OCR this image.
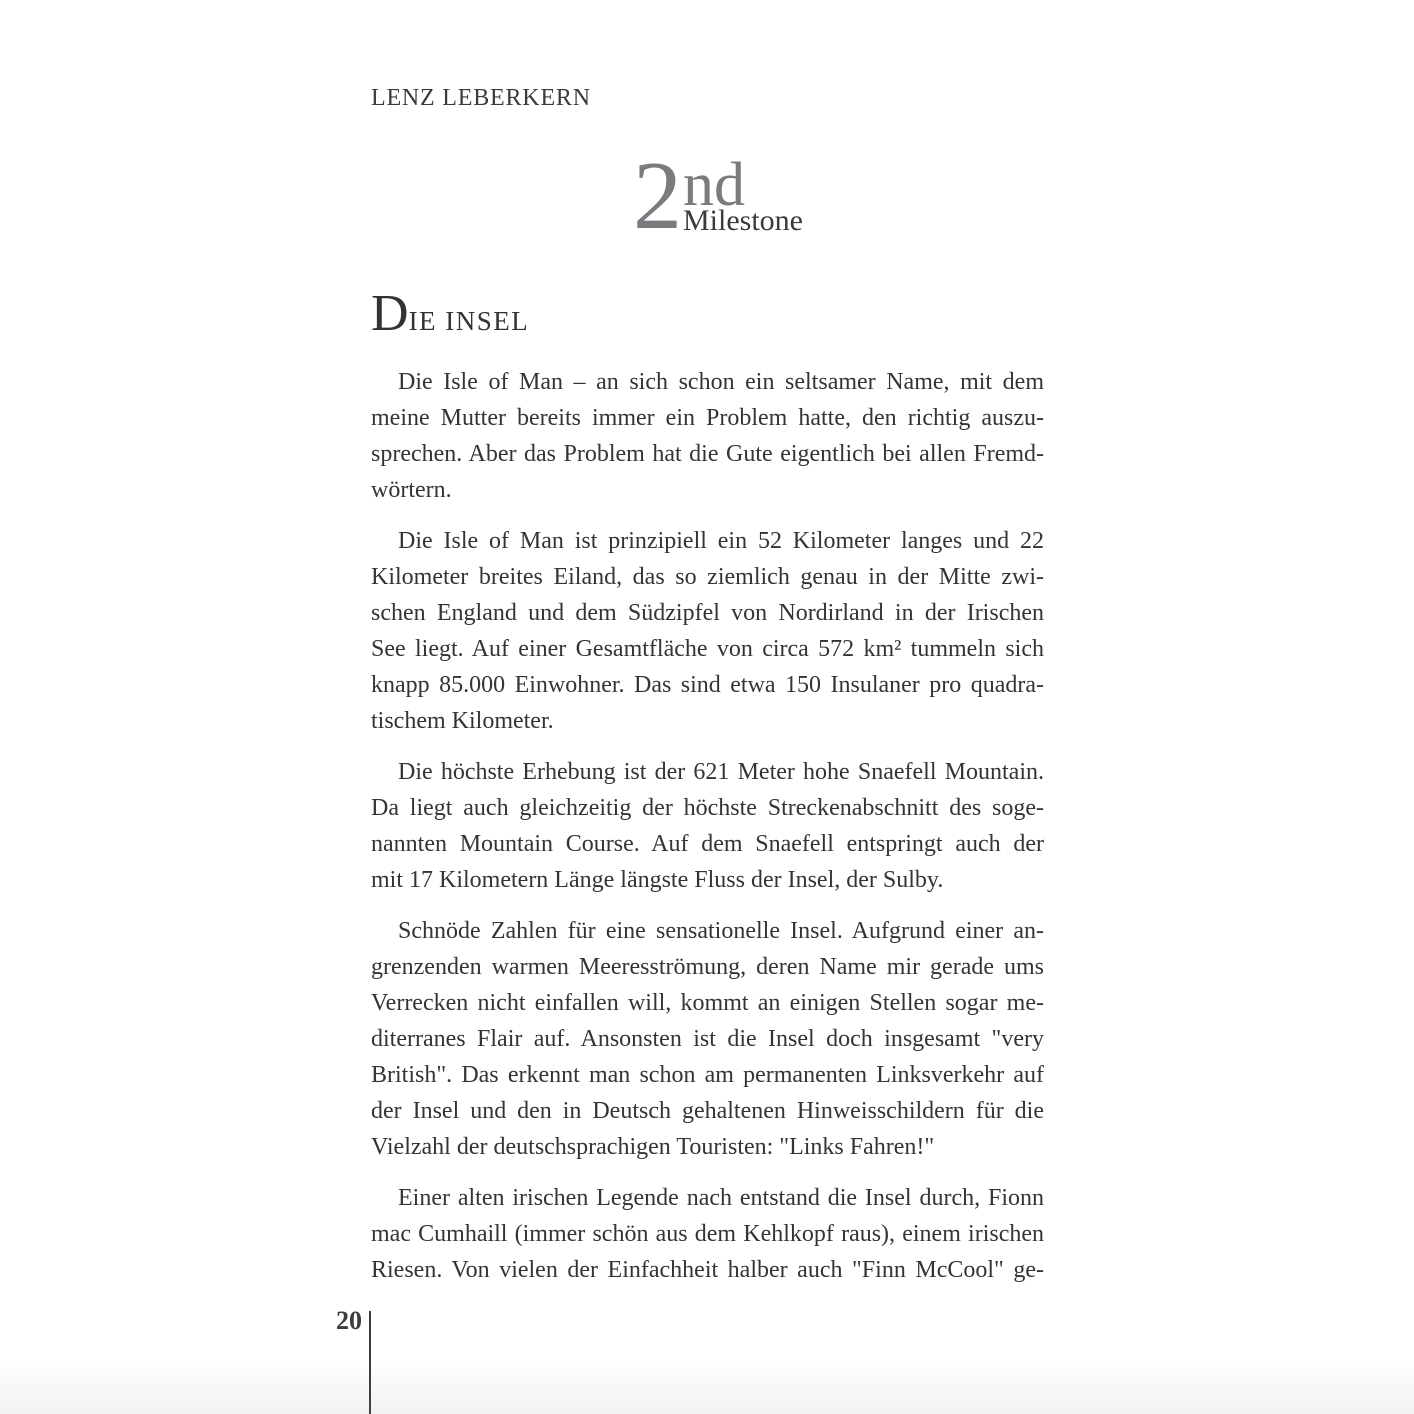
LENZ LEBERKERN
2 nd
Milestone
DIE INSEL
Die Isle of Man – an sich schon ein seltsamer Name, mit dem
meine Mutter bereits immer ein Problem hatte, den richtig auszu-
sprechen. Aber das Problem hat die Gute eigentlich bei allen Fremd-
wörtern.
Die Isle of Man ist prinzipiell ein 52 Kilometer langes und 22
Kilometer breites Eiland, das so ziemlich genau in der Mitte zwi-
schen England und dem Südzipfel von Nordirland in der Irischen
See liegt. Auf einer Gesamtfläche von circa 572 km² tummeln sich
knapp 85.000 Einwohner. Das sind etwa 150 Insulaner pro quadra-
tischem Kilometer.
Die höchste Erhebung ist der 621 Meter hohe Snaefell Mountain.
Da liegt auch gleichzeitig der höchste Streckenabschnitt des soge-
nannten Mountain Course. Auf dem Snaefell entspringt auch der
mit 17 Kilometern Länge längste Fluss der Insel, der Sulby.
Schnöde Zahlen für eine sensationelle Insel. Aufgrund einer an-
grenzenden warmen Meeresströmung, deren Name mir gerade ums
Verrecken nicht einfallen will, kommt an einigen Stellen sogar me-
diterranes Flair auf. Ansonsten ist die Insel doch insgesamt "very
British". Das erkennt man schon am permanenten Linksverkehr auf
der Insel und den in Deutsch gehaltenen Hinweisschildern für die
Vielzahl der deutschsprachigen Touristen: "Links Fahren!"
Einer alten irischen Legende nach entstand die Insel durch, Fionn
mac Cumhaill (immer schön aus dem Kehlkopf raus), einem irischen
Riesen. Von vielen der Einfachheit halber auch "Finn McCool" ge-
20
